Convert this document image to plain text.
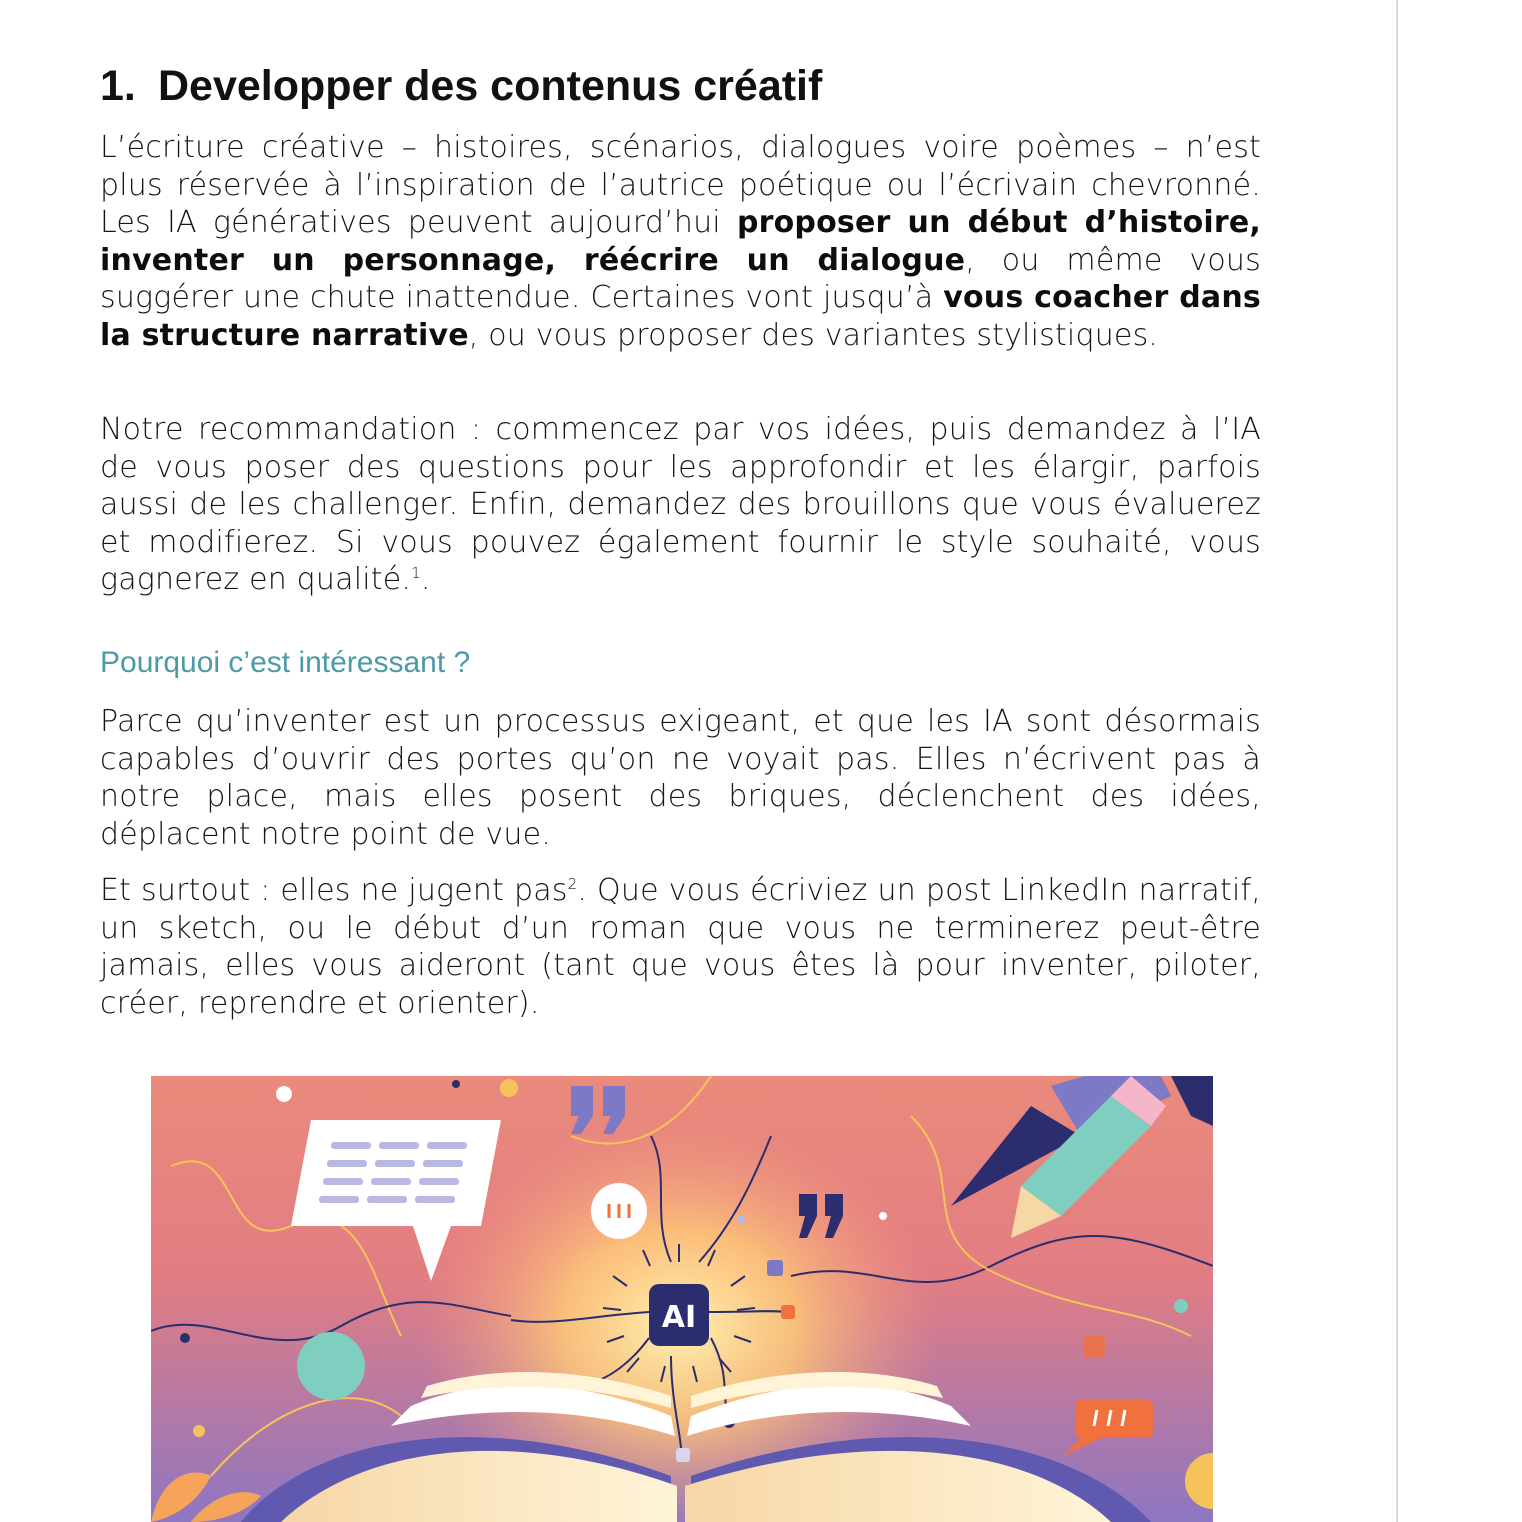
1. Developper des contenus créatif

L’écriture créative – histoires, scénarios, dialogues voire poèmes – n’est plus réservée à l’inspiration de l’autrice poétique ou l’écrivain chevronné. Les IA génératives peuvent aujourd’hui proposer un début d’histoire, inventer un personnage, réécrire un dialogue, ou même vous suggérer une chute inattendue. Certaines vont jusqu’à vous coacher dans la structure narrative, ou vous proposer des variantes stylistiques.

Notre recommandation : commencez par vos idées, puis demandez à l’IA de vous poser des questions pour les approfondir et les élargir, parfois aussi de les challenger. Enfin, demandez des brouillons que vous évaluerez et modifierez. Si vous pouvez également fournir le style souhaité, vous gagnerez en qualité.$^1$.

Pourquoi c’est intéressant ?

Parce qu’inventer est un processus exigeant, et que les IA sont désormais capables d’ouvrir des portes qu’on ne voyait pas. Elles n’écrivent pas à notre place, mais elles posent des briques, déclenchent des idées, déplacent notre point de vue.

Et surtout : elles ne jugent pas$^2$. Que vous écriviez un post LinkedIn narratif, un sketch, ou le début d’un roman que vous ne terminerez peut-être jamais, elles vous aideront (tant que vous êtes là pour inventer, piloter, créer, reprendre et orienter).

AI
